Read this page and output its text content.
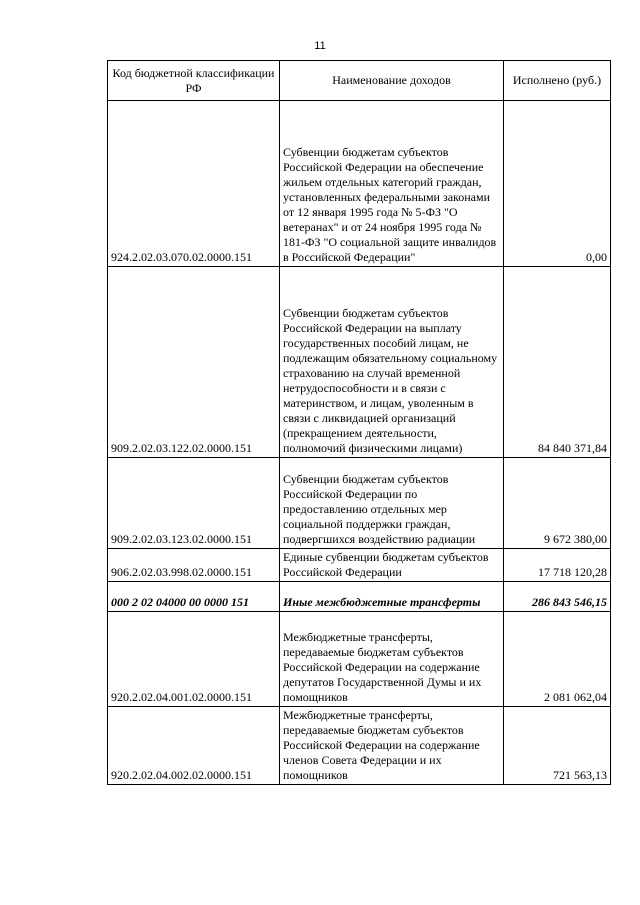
11
Код бюджетной классификации РФ	Наименование доходов	Исполнено (руб.)
924.2.02.03.070.02.0000.151	Субвенции бюджетам субъектов Российской Федерации на обеспечение жильем отдельных категорий граждан, установленных федеральными законами от 12 января 1995 года № 5-ФЗ "О ветеранах" и от 24 ноября 1995 года № 181-ФЗ "О социальной защите инвалидов в Российской Федерации"	0,00
909.2.02.03.122.02.0000.151	Субвенции бюджетам субъектов Российской Федерации на выплату государственных пособий лицам, не подлежащим обязательному социальному страхованию на случай временной нетрудоспособности и в связи с материнством, и лицам, уволенным в связи с ликвидацией организаций (прекращением деятельности, полномочий физическими лицами)	84 840 371,84
909.2.02.03.123.02.0000.151	Субвенции бюджетам субъектов Российской Федерации по предоставлению отдельных мер социальной поддержки граждан, подвергшихся воздействию радиации	9 672 380,00
906.2.02.03.998.02.0000.151	Единые субвенции бюджетам субъектов Российской Федерации	17 718 120,28
000 2 02 04000 00 0000 151	Иные межбюджетные трансферты	286 843 546,15
920.2.02.04.001.02.0000.151	Межбюджетные трансферты, передаваемые бюджетам субъектов Российской Федерации на содержание депутатов Государственной Думы и их помощников	2 081 062,04
920.2.02.04.002.02.0000.151	Межбюджетные трансферты, передаваемые бюджетам субъектов Российской Федерации на содержание членов Совета Федерации и их помощников	721 563,13
